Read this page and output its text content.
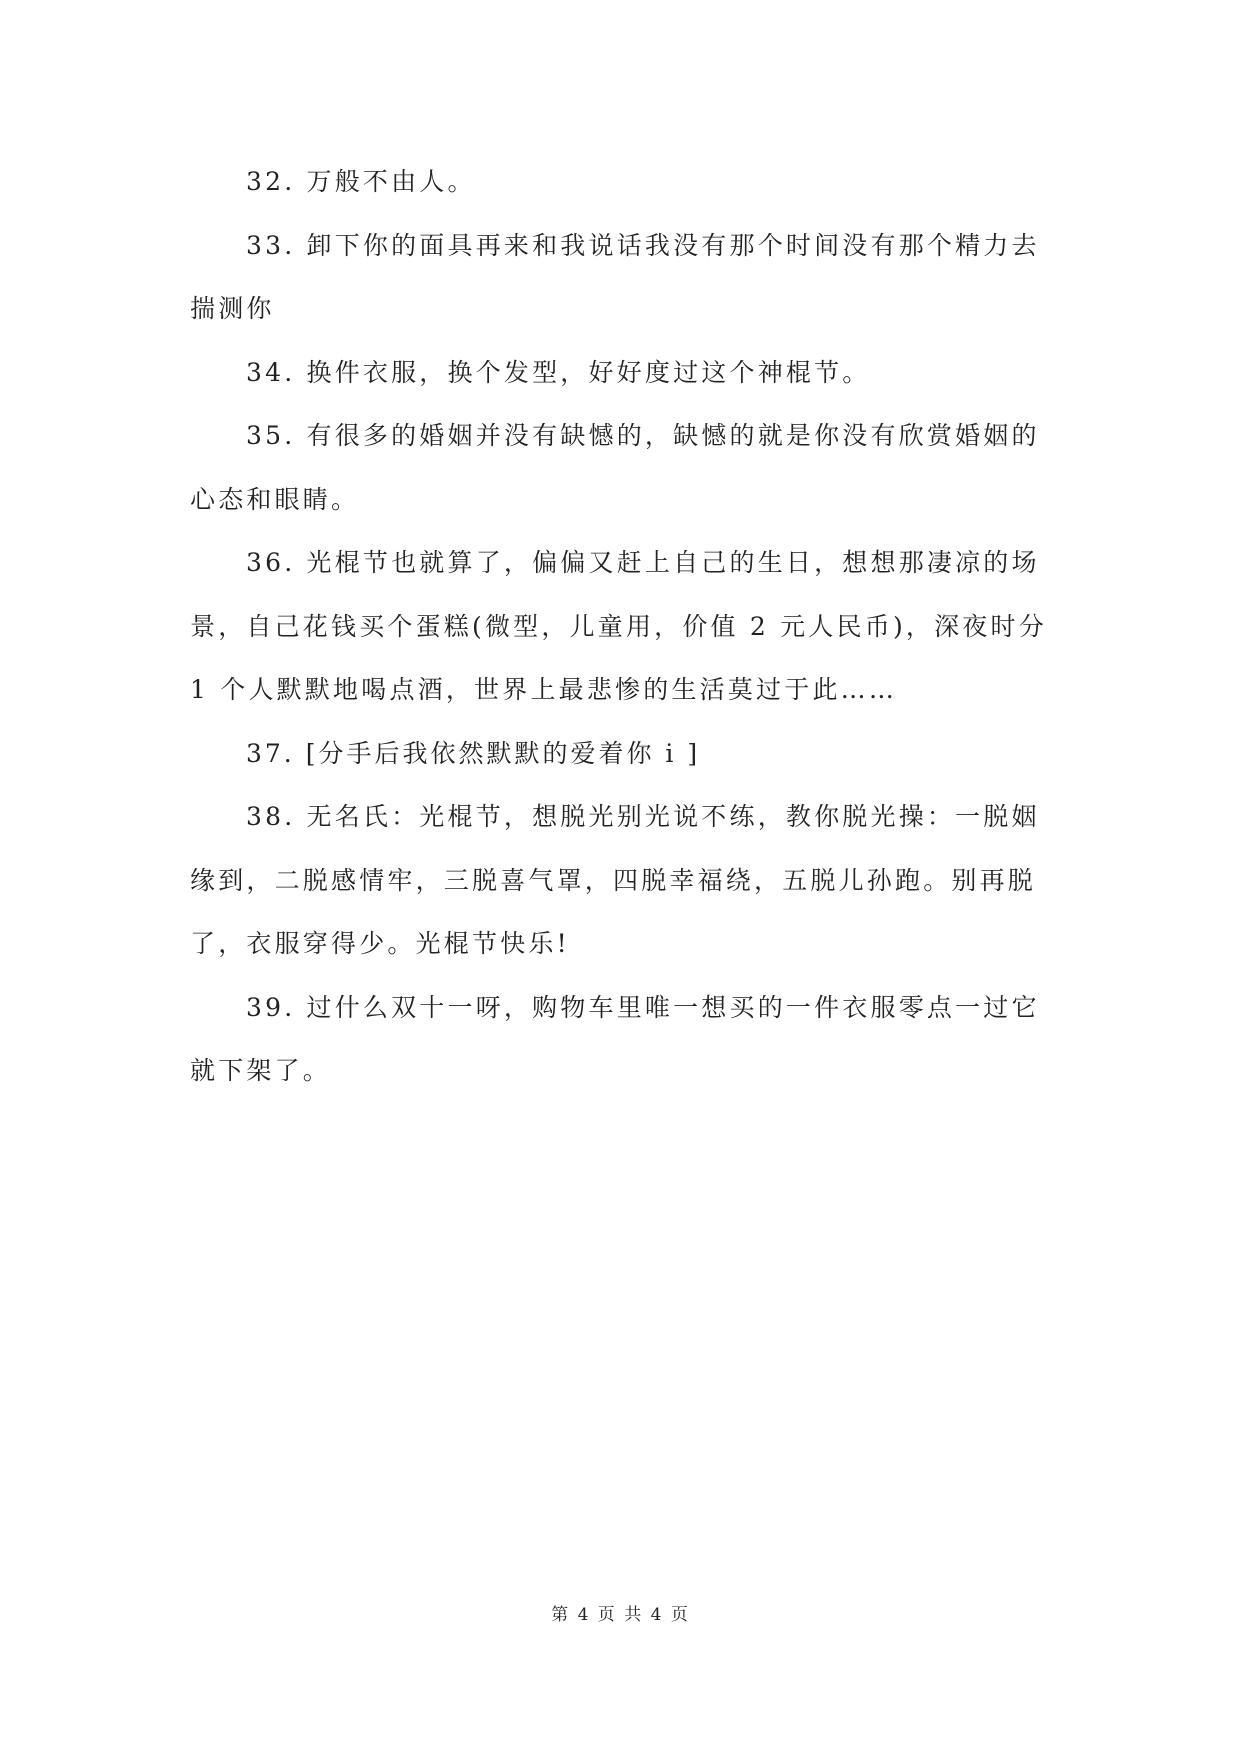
32. 万般不由人。

33. 卸下你的面具再来和我说话我没有那个时间没有那个精力去揣测你

34. 换件衣服，换个发型，好好度过这个神棍节。

35. 有很多的婚姻并没有缺憾的，缺憾的就是你没有欣赏婚姻的心态和眼睛。

36. 光棍节也就算了，偏偏又赶上自己的生日，想想那凄凉的场景，自己花钱买个蛋糕(微型，儿童用，价值 2 元人民币)，深夜时分 1 个人默默地喝点酒，世界上最悲惨的生活莫过于此……

37. [分手后我依然默默的爱着你 i ]

38. 无名氏：光棍节，想脱光别光说不练，教你脱光操：一脱姻缘到，二脱感情牢，三脱喜气罩，四脱幸福绕，五脱儿孙跑。别再脱了，衣服穿得少。光棍节快乐!

39. 过什么双十一呀，购物车里唯一想买的一件衣服零点一过它就下架了。

第 4 页 共 4 页
